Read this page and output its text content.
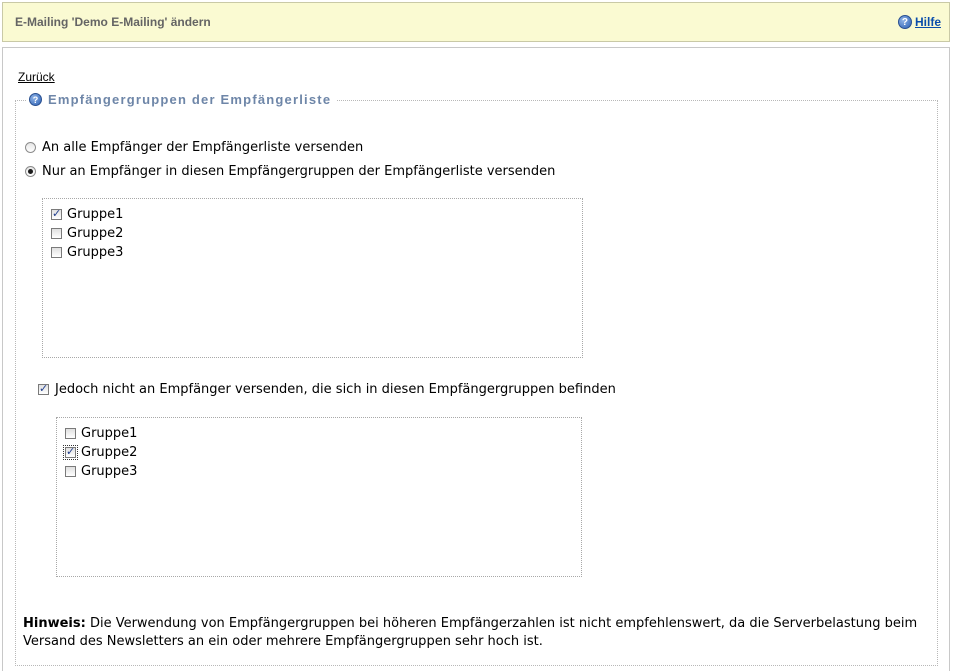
E-Mailing 'Demo E-Mailing' ändern	? Hilfe
Zurück
? Empfängergruppen der Empfängerliste
An alle Empfänger der Empfängerliste versenden
Nur an Empfänger in diesen Empfängergruppen der Empfängerliste versenden
✓
Gruppe1
Gruppe2
Gruppe3
✓
Jedoch nicht an Empfänger versenden, die sich in diesen Empfängergruppen befinden
Gruppe1
✓
Gruppe2
Gruppe3
Hinweis: Die Verwendung von Empfängergruppen bei höheren Empfängerzahlen ist nicht empfehlenswert, da die Serverbelastung beim Versand des Newsletters an ein oder mehrere Empfängergruppen sehr hoch ist.
